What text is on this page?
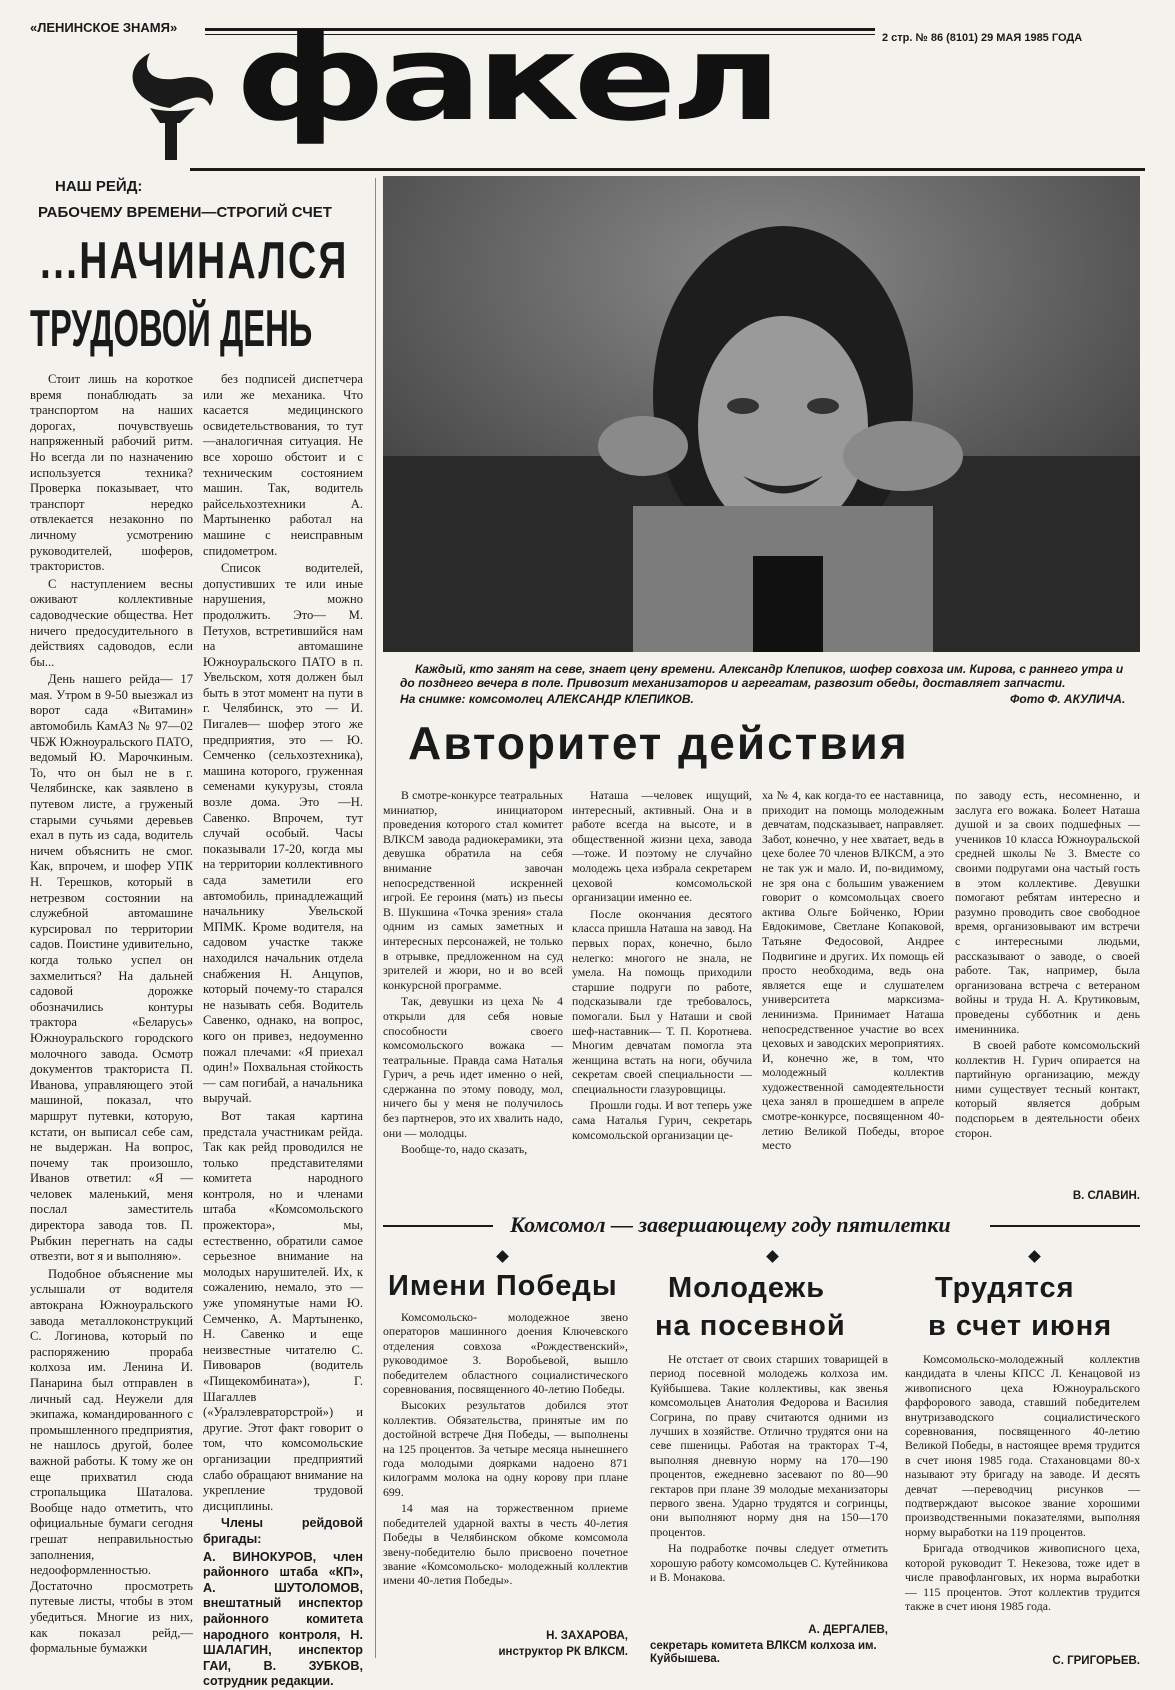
«ЛЕНИНСКОЕ ЗНАМЯ»
2 стр. № 86 (8101) 29 МАЯ 1985 ГОДА
факел
НАШ РЕЙД:
РАБОЧЕМУ ВРЕМЕНИ—СТРОГИЙ СЧЕТ
...НАЧИНАЛСЯ
ТРУДОВОЙ ДЕНЬ

Стоит лишь на короткое время понаблюдать за транспортом на наших дорогах, почувствуешь напряженный рабочий ритм. Но всегда ли по назначению используется техника? Проверка показывает, что транспорт нередко отвлекается незаконно по личному усмотрению руководителей, шоферов, трактористов.

С наступлением весны оживают коллективные садоводческие общества. Нет ничего предосудительного в действиях садоводов, если бы...

День нашего рейда— 17 мая. Утром в 9-50 выезжал из ворот сада «Витамин» автомобиль КамАЗ № 97—02 ЧБЖ Южноуральского ПАТО, ведомый Ю. Марочкиным. То, что он был не в г. Челябинске, как заявлено в путевом листе, а груженый старыми сучьями деревьев ехал в путь из сада, водитель ничем объяснить не смог. Как, впрочем, и шофер УПК Н. Терешков, который в нетрезвом состоянии на служебной автомашине курсировал по территории садов. Поистине удивительно, когда только успел он захмелиться? На дальней садовой дорожке обозначились контуры трактора «Беларусь» Южноуральского городского молочного завода. Осмотр документов тракториста П. Иванова, управляющего этой машиной, показал, что маршрут путевки, которую, кстати, он выписал себе сам, не выдержан. На вопрос, почему так произошло, Иванов ответил: «Я — человек маленький, меня послал заместитель директора завода тов. П. Рыбкин перегнать на сады отвезти, вот я и выполняю».

Подобное объяснение мы услышали от водителя автокрана Южноуральского завода металлоконструкций С. Логинова, который по распоряжению прораба колхоза им. Ленина И. Панарина был отправлен в личный сад. Неужели для экипажа, командированного с промышленного предприятия, не нашлось другой, более важной работы. К тому же он еще прихватил сюда стропальщика Шаталова. Вообще надо отметить, что официальные бумаги сегодня грешат неправильностью заполнения, недооформленностью. Достаточно просмотреть путевые листы, чтобы в этом убедиться. Многие из них, как показал рейд,— формальные бумажки

без подписей диспетчера или же механика. Что касается медицинского освидетельствования, то тут —аналогичная ситуация. Не все хорошо обстоит и с техническим состоянием машин. Так, водитель райсельхозтехники А. Мартыненко работал на машине с неисправным спидометром.

Список водителей, допустивших те или иные нарушения, можно продолжить. Это— М. Петухов, встретившийся нам на автомашине Южноуральского ПАТО в п. Увельском, хотя должен был быть в этот момент на пути в г. Челябинск, это — И. Пигалев— шофер этого же предприятия, это — Ю. Семченко (сельхозтехника), машина которого, груженная семенами кукурузы, стояла возле дома. Это —Н. Савенко. Впрочем, тут случай особый. Часы показывали 17-20, когда мы на территории коллективного сада заметили его автомобиль, принадлежащий начальнику Увельской МПМК. Кроме водителя, на садовом участке также находился начальник отдела снабжения Н. Анцупов, который почему-то старался не называть себя. Водитель Савенко, однако, на вопрос, кого он привез, недоуменно пожал плечами: «Я приехал один!» Похвальная стойкость — сам погибай, а начальника выручай.

Вот такая картина предстала участникам рейда. Так как рейд проводился не только представителями комитета народного контроля, но и членами штаба «Комсомольского прожектора», мы, естественно, обратили самое серьезное внимание на молодых нарушителей. Их, к сожалению, немало, это — уже упомянутые нами Ю. Семченко, А. Мартыненко, Н. Савенко и еще неизвестные читателю С. Пивоваров (водитель «Пищекомбината»), Г. Шагаллев («Уралэлевраторстрой») и другие. Этот факт говорит о том, что комсомольские организации предприятий слабо обращают внимание на укрепление трудовой дисциплины.

Члены рейдовой бригады:

А. ВИНОКУРОВ, член районного штаба «КП», А. ШУТОЛОМОВ, внештатный инспектор районного комитета народного контроля, Н. ШАЛАГИН, инспектор ГАИ, В. ЗУБКОВ, сотрудник редакции.

Каждый, кто занят на севе, знает цену времени. Александр Клепиков, шофер совхоза им. Кирова, с раннего утра и до позднего вечера в поле. Привозит механизаторов и агрегатам, развозит обеды, доставляет запчасти.
На снимке: комсомолец АЛЕКСАНДР КЛЕПИКОВ.	Фото Ф. АКУЛИЧА.
Авторитет действия

В смотре-конкурсе театральных миниатюр, инициатором проведения которого стал комитет ВЛКСМ завода радиокерамики, эта девушка обратила на себя внимание завочан непосредственной искренней игрой. Ее героиня (мать) из пьесы В. Шукшина «Точка зрения» стала одним из самых заметных и интересных персонажей, не только в отрывке, предложенном на суд зрителей и жюри, но и во всей конкурсной программе.

Так, девушки из цеха № 4 открыли для себя новые способности своего комсомольского вожака — театральные. Правда сама Наталья Гурич, а речь идет именно о ней, сдержанна по этому поводу, мол, ничего бы у меня не получилось без партнеров, это их хвалить надо, они — молодцы.

Вообще-то, надо сказать,

Наташа —человек ищущий, интересный, активный. Она и в работе всегда на высоте, и в общественной жизни цеха, завода—тоже. И поэтому не случайно молодежь цеха избрала секретарем цеховой комсомольской организации именно ее.

После окончания десятого класса пришла Наташа на завод. На первых порах, конечно, было нелегко: многого не знала, не умела. На помощь приходили старшие подруги по работе, подсказывали где требовалось, помогали. Был у Наташи и свой шеф-наставник— Т. П. Коротнева. Многим девчатам помогла эта женщина встать на ноги, обучила секретам своей специальности — специальности глазуровщицы.

Прошли годы. И вот теперь уже сама Наталья Гурич, секретарь комсомольской организации це-

ха № 4, как когда-то ее наставница, приходит на помощь молодежным девчатам, подсказывает, направляет. Забот, конечно, у нее хватает, ведь в цехе более 70 членов ВЛКСМ, а это не так уж и мало. И, по-видимому, не зря она с большим уважением говорит о комсомольцах своего актива Ольге Бойченко, Юрии Евдокимове, Светлане Копаковой, Татьяне Федосовой, Андрее Подвигине и других. Их помощь ей просто необходима, ведь она является еще и слушателем университета марксизма-ленинизма. Принимает Наташа непосредственное участие во всех цеховых и заводских мероприятиях. И, конечно же, в том, что молодежный коллектив художественной самодеятельности цеха занял в прошедшем в апреле смотре-конкурсе, посвященном 40-летию Великой Победы, второе место

по заводу есть, несомненно, и заслуга его вожака. Болеет Наташа душой и за своих подшефных —учеников 10 класса Южноуральской средней школы № 3. Вместе со своими подругами она частый гость в этом коллективе. Девушки помогают ребятам интересно и разумно проводить свое свободное время, организовывают им встречи с интересными людьми, рассказывают о заводе, о своей работе. Так, например, была организована встреча с ветераном войны и труда Н. А. Крутиковым, проведены субботник и день именинника.

В своей работе комсомольский коллектив Н. Гурич опирается на партийную организацию, между ними существует тесный контакт, который является добрым подспорьем в деятельности обеих сторон.

В. СЛАВИН.
Комсомол — завершающему году пятилетки
Имени Победы

Комсомольско- молодежное звено операторов машинного доения Ключевского отделения совхоза «Рождественский», руководимое З. Воробьевой, вышло победителем областного социалистического соревнования, посвященного 40-летию Победы.

Высоких результатов добился этот коллектив. Обязательства, принятые им по достойной встрече Дня Победы, — выполнены на 125 процентов. За четыре месяца нынешнего года молодыми доярками надоено 871 килограмм молока на одну корову при плане 699.

14 мая на торжественном приеме победителей ударной вахты в честь 40-летия Победы в Челябинском обкоме комсомола звену-победителю было присвоено почетное звание «Комсомольско- молодежный коллектив имени 40-летия Победы».

Н. ЗАХАРОВА,
инструктор РК ВЛКСМ.
Молодежь
на посевной

Не отстает от своих старших товарищей в период посевной молодежь колхоза им. Куйбышева. Такие коллективы, как звенья комсомольцев Анатолия Федорова и Василия Согрина, по праву считаются одними из лучших в хозяйстве. Отлично трудятся они на севе пшеницы. Работая на тракторах Т-4, выполняя дневную норму на 170—190 процентов, ежедневно засевают по 80—90 гектаров при плане 39 молодые механизаторы первого звена. Ударно трудятся и согринцы, они выполняют норму дня на 150—170 процентов.

На подработке почвы следует отметить хорошую работу комсомольцев С. Кутейникова и В. Монакова.

А. ДЕРГАЛЕВ,
секретарь комитета ВЛКСМ колхоза им. Куйбышева.
Трудятся
в счет июня

Комсомольско-молодежный коллектив кандидата в члены КПСС Л. Кенацовой из живописного цеха Южноуральского фарфорового завода, ставший победителем внутризаводского социалистического соревнования, посвященного 40-летию Великой Победы, в настоящее время трудится в счет июня 1985 года. Стахановцами 80-х называют эту бригаду на заводе. И десять девчат —переводчиц рисунков — подтверждают высокое звание хорошими производственными показателями, выполняя норму выработки на 119 процентов.

Бригада отводчиков живописного цеха, которой руководит Т. Некезова, тоже идет в числе правофланговых, их норма выработки — 115 процентов. Этот коллектив трудится также в счет июня 1985 года.

С. ГРИГОРЬЕВ.
